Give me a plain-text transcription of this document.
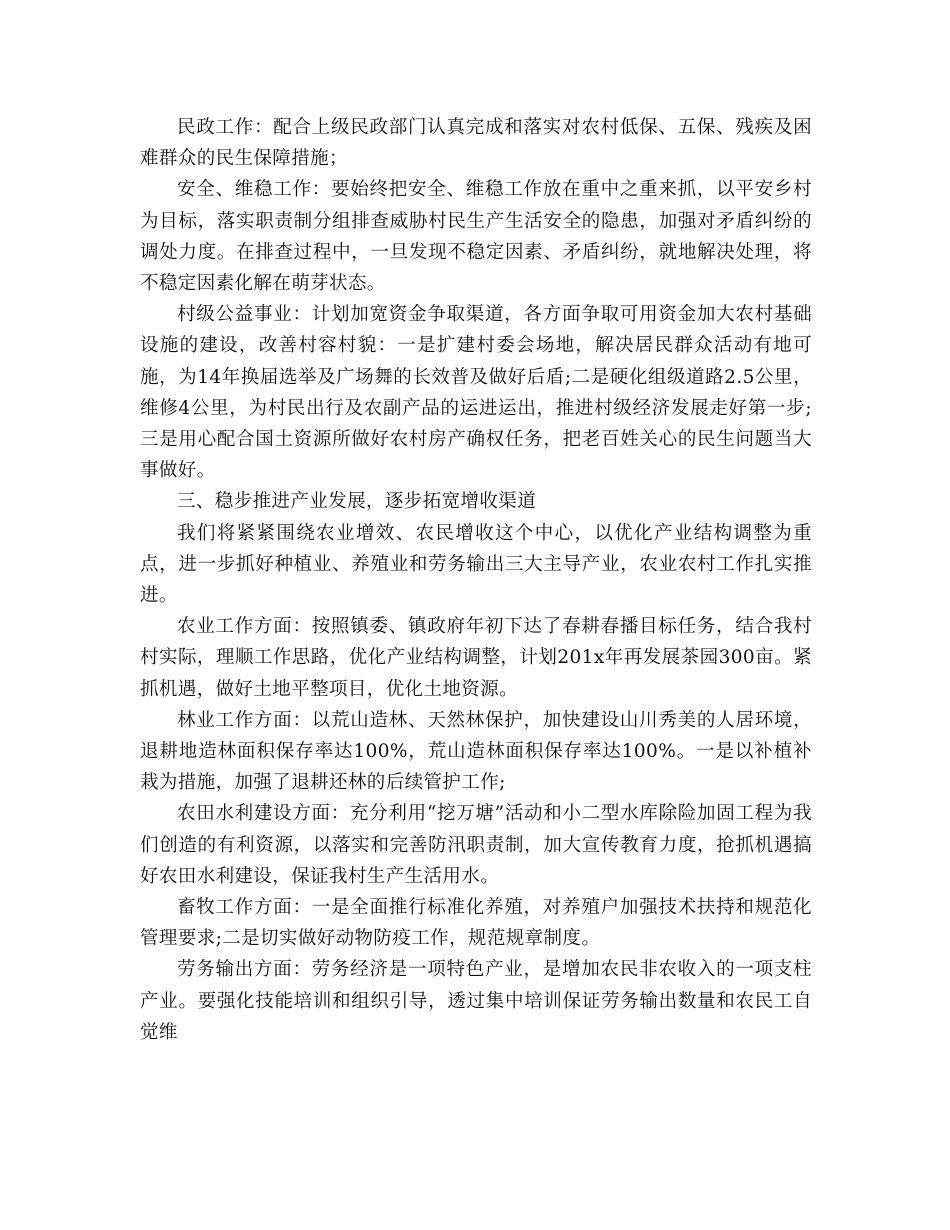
民政工作：配合上级民政部门认真完成和落实对农村低保、五保、残疾及困难群众的民生保障措施；

安全、维稳工作：要始终把安全、维稳工作放在重中之重来抓，以平安乡村为目标，落实职责制分组排查威胁村民生产生活安全的隐患，加强对矛盾纠纷的调处力度。在排查过程中，一旦发现不稳定因素、矛盾纠纷，就地解决处理，将不稳定因素化解在萌芽状态。

村级公益事业：计划加宽资金争取渠道，各方面争取可用资金加大农村基础设施的建设，改善村容村貌：一是扩建村委会场地，解决居民群众活动有地可施，为14年换届选举及广场舞的长效普及做好后盾;二是硬化组级道路2.5公里，维修4公里，为村民出行及农副产品的运进运出，推进村级经济发展走好第一步;三是用心配合国土资源所做好农村房产确权任务，把老百姓关心的民生问题当大事做好。

三、稳步推进产业发展，逐步拓宽增收渠道

我们将紧紧围绕农业增效、农民增收这个中心，以优化产业结构调整为重点，进一步抓好种植业、养殖业和劳务输出三大主导产业，农业农村工作扎实推进。

农业工作方面：按照镇委、镇政府年初下达了春耕春播目标任务，结合我村村实际，理顺工作思路，优化产业结构调整，计划201x年再发展茶园300亩。紧抓机遇，做好土地平整项目，优化土地资源。

林业工作方面：以荒山造林、天然林保护，加快建设山川秀美的人居环境，退耕地造林面积保存率达100%，荒山造林面积保存率达100%。一是以补植补栽为措施，加强了退耕还林的后续管护工作;

农田水利建设方面：充分利用“挖万塘”活动和小二型水库除险加固工程为我们创造的有利资源，以落实和完善防汛职责制，加大宣传教育力度，抢抓机遇搞好农田水利建设，保证我村生产生活用水。

畜牧工作方面：一是全面推行标准化养殖，对养殖户加强技术扶持和规范化管理要求;二是切实做好动物防疫工作，规范规章制度。

劳务输出方面：劳务经济是一项特色产业，是增加农民非农收入的一项支柱产业。要强化技能培训和组织引导，透过集中培训保证劳务输出数量和农民工自觉维
